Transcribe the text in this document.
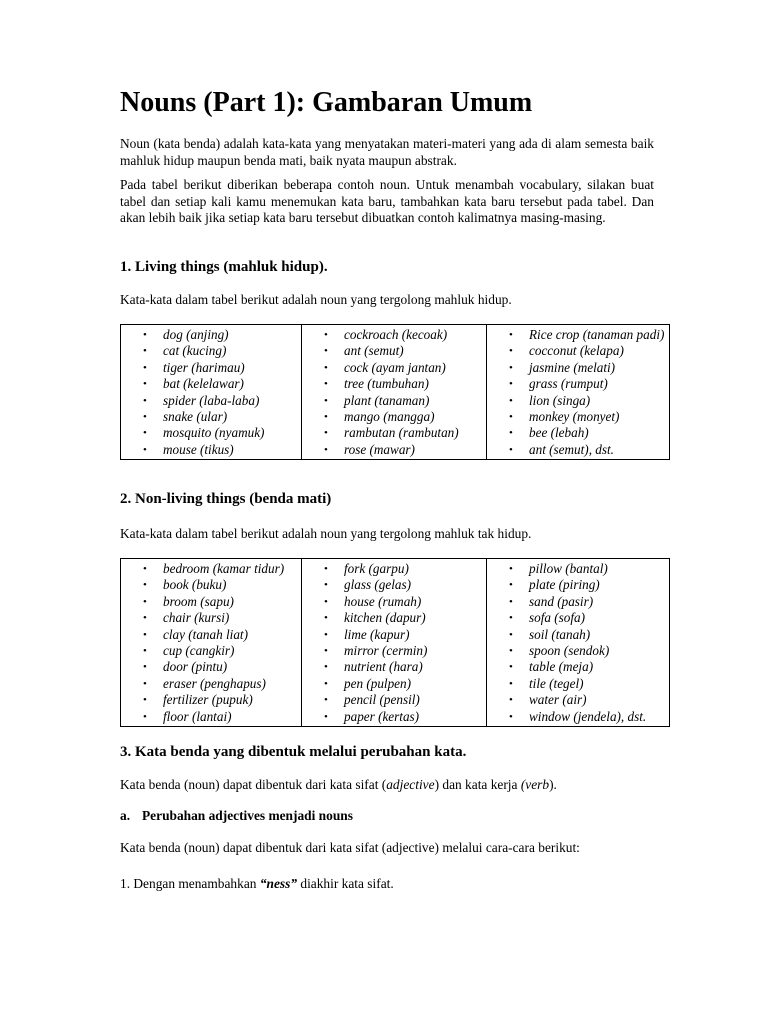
Nouns (Part 1): Gambaran Umum

Noun (kata benda) adalah kata-kata yang menyatakan materi-materi yang ada di alam semesta baik mahluk hidup maupun benda mati, baik nyata maupun abstrak.

Pada tabel berikut diberikan beberapa contoh noun. Untuk menambah vocabulary, silakan buat tabel dan setiap kali kamu menemukan kata baru, tambahkan kata baru tersebut pada tabel. Dan akan lebih baik jika setiap kata baru tersebut dibuatkan contoh kalimatnya masing-masing.

1. Living things (mahluk hidup).

Kata-kata dalam tabel berikut adalah noun yang tergolong mahluk hidup.

• dog (anjing)
• cat (kucing)
• tiger (harimau)
• bat (kelelawar)
• spider (laba-laba)
• snake (ular)
• mosquito (nyamuk)
• mouse (tikus)

• cockroach (kecoak)
• ant (semut)
• cock (ayam jantan)
• tree (tumbuhan)
• plant (tanaman)
• mango (mangga)
• rambutan (rambutan)
• rose (mawar)

• Rice crop (tanaman padi)
• cocconut (kelapa)
• jasmine (melati)
• grass (rumput)
• lion (singa)
• monkey (monyet)
• bee (lebah)
• ant (semut), dst.
2. Non-living things (benda mati)

Kata-kata dalam tabel berikut adalah noun yang tergolong mahluk tak hidup.

• bedroom (kamar tidur)
• book (buku)
• broom (sapu)
• chair (kursi)
• clay (tanah liat)
• cup (cangkir)
• door (pintu)
• eraser (penghapus)
• fertilizer (pupuk)
• floor (lantai)

• fork (garpu)
• glass (gelas)
• house (rumah)
• kitchen (dapur)
• lime (kapur)
• mirror (cermin)
• nutrient (hara)
• pen (pulpen)
• pencil (pensil)
• paper (kertas)

• pillow (bantal)
• plate (piring)
• sand (pasir)
• sofa (sofa)
• soil (tanah)
• spoon (sendok)
• table (meja)
• tile (tegel)
• water (air)
• window (jendela), dst.
3. Kata benda yang dibentuk melalui perubahan kata.

Kata benda (noun) dapat dibentuk dari kata sifat (adjective) dan kata kerja (verb).

a. Perubahan adjectives menjadi nouns

Kata benda (noun) dapat dibentuk dari kata sifat (adjective) melalui cara-cara berikut:

1. Dengan menambahkan “ness” diakhir kata sifat.
